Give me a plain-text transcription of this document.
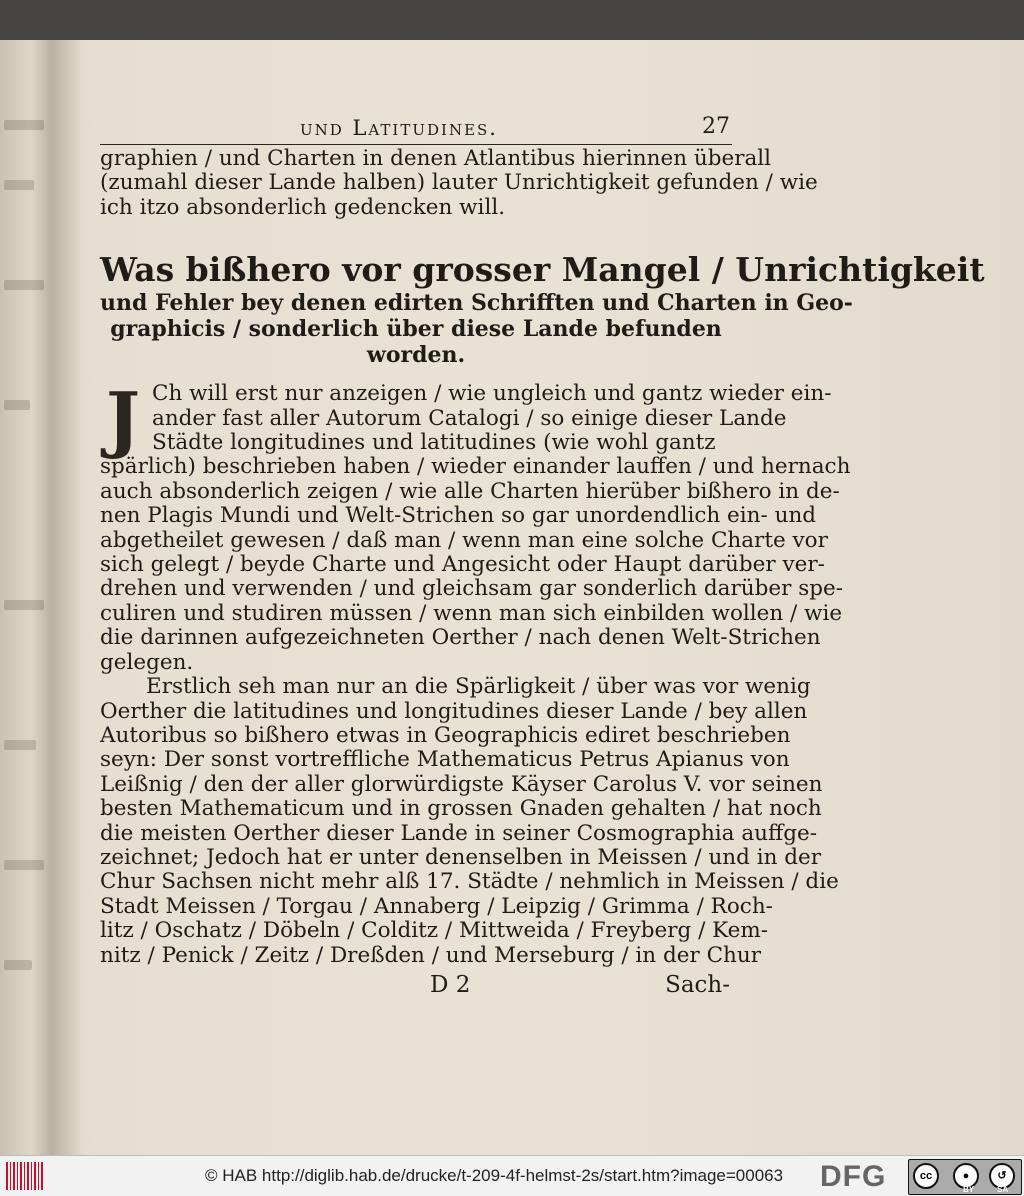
und Latitudines.	27
graphien / und Charten in denen Atlantibus hierinnen überall
(zumahl dieser Lande halben) lauter Unrichtigkeit gefunden / wie
ich itzo absonderlich gedencken will.
Was bißhero vor grosser Mangel / Unrichtigkeit
und Fehler bey denen edirten Schrifften und Charten in Geo-
graphicis / sonderlich über diese Lande befunden
worden.
J Ch will erst nur anzeigen / wie ungleich und gantz wieder ein-
ander fast aller Autorum Catalogi / so einige dieser Lande
Städte longitudines und latitudines (wie wohl gantz
spärlich) beschrieben haben / wieder einander lauffen / und hernach
auch absonderlich zeigen / wie alle Charten hierüber bißhero in de-
nen Plagis Mundi und Welt-Strichen so gar unordendlich ein- und
abgetheilet gewesen / daß man / wenn man eine solche Charte vor
sich gelegt / beyde Charte und Angesicht oder Haupt darüber ver-
drehen und verwenden / und gleichsam gar sonderlich darüber spe-
culiren und studiren müssen / wenn man sich einbilden wollen / wie
die darinnen aufgezeichneten Oerther / nach denen Welt-Strichen
gelegen.
Erstlich seh man nur an die Spärligkeit / über was vor wenig
Oerther die latitudines und longitudines dieser Lande / bey allen
Autoribus so bißhero etwas in Geographicis ediret beschrieben
seyn: Der sonst vortreffliche Mathematicus Petrus Apianus von
Leißnig / den der aller glorwürdigste Käyser Carolus V. vor seinen
besten Mathematicum und in grossen Gnaden gehalten / hat noch
die meisten Oerther dieser Lande in seiner Cosmographia auffge-
zeichnet; Jedoch hat er unter denenselben in Meissen / und in der
Chur Sachsen nicht mehr alß 17. Städte / nehmlich in Meissen / die
Stadt Meissen / Torgau / Annaberg / Leipzig / Grimma / Roch-
litz / Oschatz / Döbeln / Colditz / Mittweida / Freyberg / Kem-
nitz / Penick / Zeitz / Dreßden / und Merseburg / in der Chur
D 2	Sach-
© HAB http://diglib.hab.de/drucke/t-209-4f-helmst-2s/start.htm?image=00063 DFG	cc	●	↺
BY	SA
